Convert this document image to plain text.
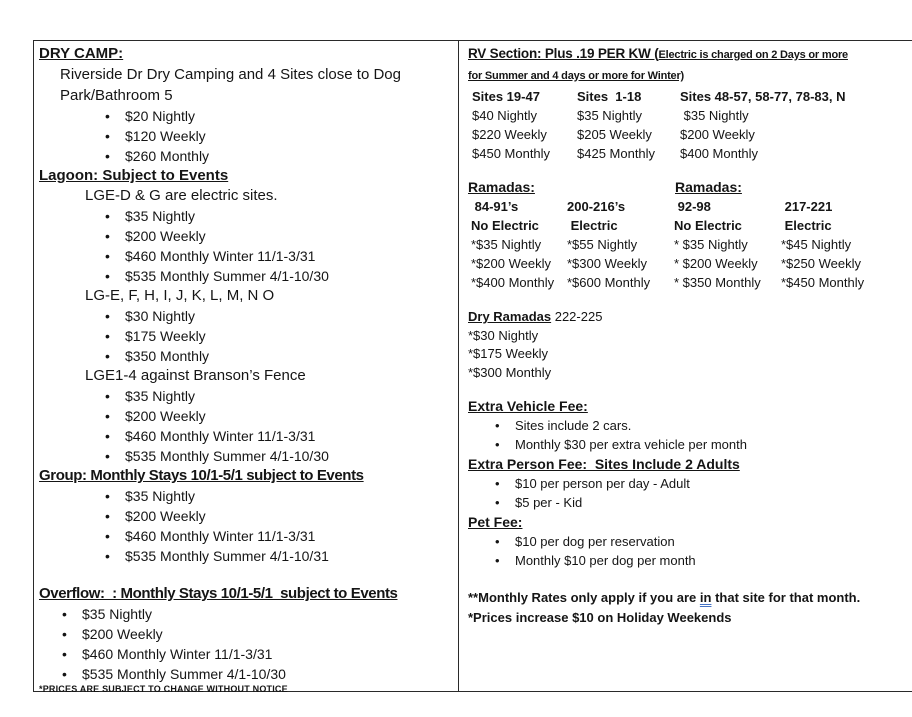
DRY CAMP:
Riverside Dr Dry Camping and 4 Sites close to Dog
Park/Bathroom 5
• $20 Nightly
• $120 Weekly
• $260 Monthly
Lagoon: Subject to Events
LGE-D & G are electric sites.
• $35 Nightly
• $200 Weekly
• $460 Monthly Winter 11/1-3/31
• $535 Monthly Summer 4/1-10/30
LG-E, F, H, I, J, K, L, M, N O
• $30 Nightly
• $175 Weekly
• $350 Monthly
LGE1-4 against Branson’s Fence
• $35 Nightly
• $200 Weekly
• $460 Monthly Winter 11/1-3/31
• $535 Monthly Summer 4/1-10/30
Group: Monthly Stays 10/1-5/1 subject to Events
• $35 Nightly
• $200 Weekly
• $460 Monthly Winter 11/1-3/31
• $535 Monthly Summer 4/1-10/31
Overflow:  : Monthly Stays 10/1-5/1  subject to Events
• $35 Nightly
• $200 Weekly
• $460 Monthly Winter 11/1-3/31
• $535 Monthly Summer 4/1-10/30
*PRICES ARE SUBJECT TO CHANGE WITHOUT NOTICE
RV Section: Plus .19 PER KW (Electric is charged on 2 Days or more
for Summer and 4 days or more for Winter)
Sites 19-47	Sites  1-18	Sites 48-57, 58-77, 78-83, N
$40 Nightly	$35 Nightly	$35 Nightly
$220 Weekly	$205 Weekly	$200 Weekly
$450 Monthly	$425 Monthly	$400 Monthly
Ramadas:	Ramadas:
84-91’s	200-216’s	92-98	217-221
No Electric	Electric	No Electric	Electric
*$35 Nightly	*$55 Nightly	* $35 Nightly	*$45 Nightly
*$200 Weekly	*$300 Weekly	* $200 Weekly	*$250 Weekly
*$400 Monthly *$600 Monthly	* $350 Monthly	*$450 Monthly
Dry Ramadas 222-225
*$30 Nightly
*$175 Weekly
*$300 Monthly
Extra Vehicle Fee:
• Sites include 2 cars.
• Monthly $30 per extra vehicle per month
Extra Person Fee:  Sites Include 2 Adults
• $10 per person per day - Adult
• $5 per - Kid
Pet Fee:
• $10 per dog per reservation
• Monthly $10 per dog per month
**Monthly Rates only apply if you are in that site for that month.
*Prices increase $10 on Holiday Weekends
